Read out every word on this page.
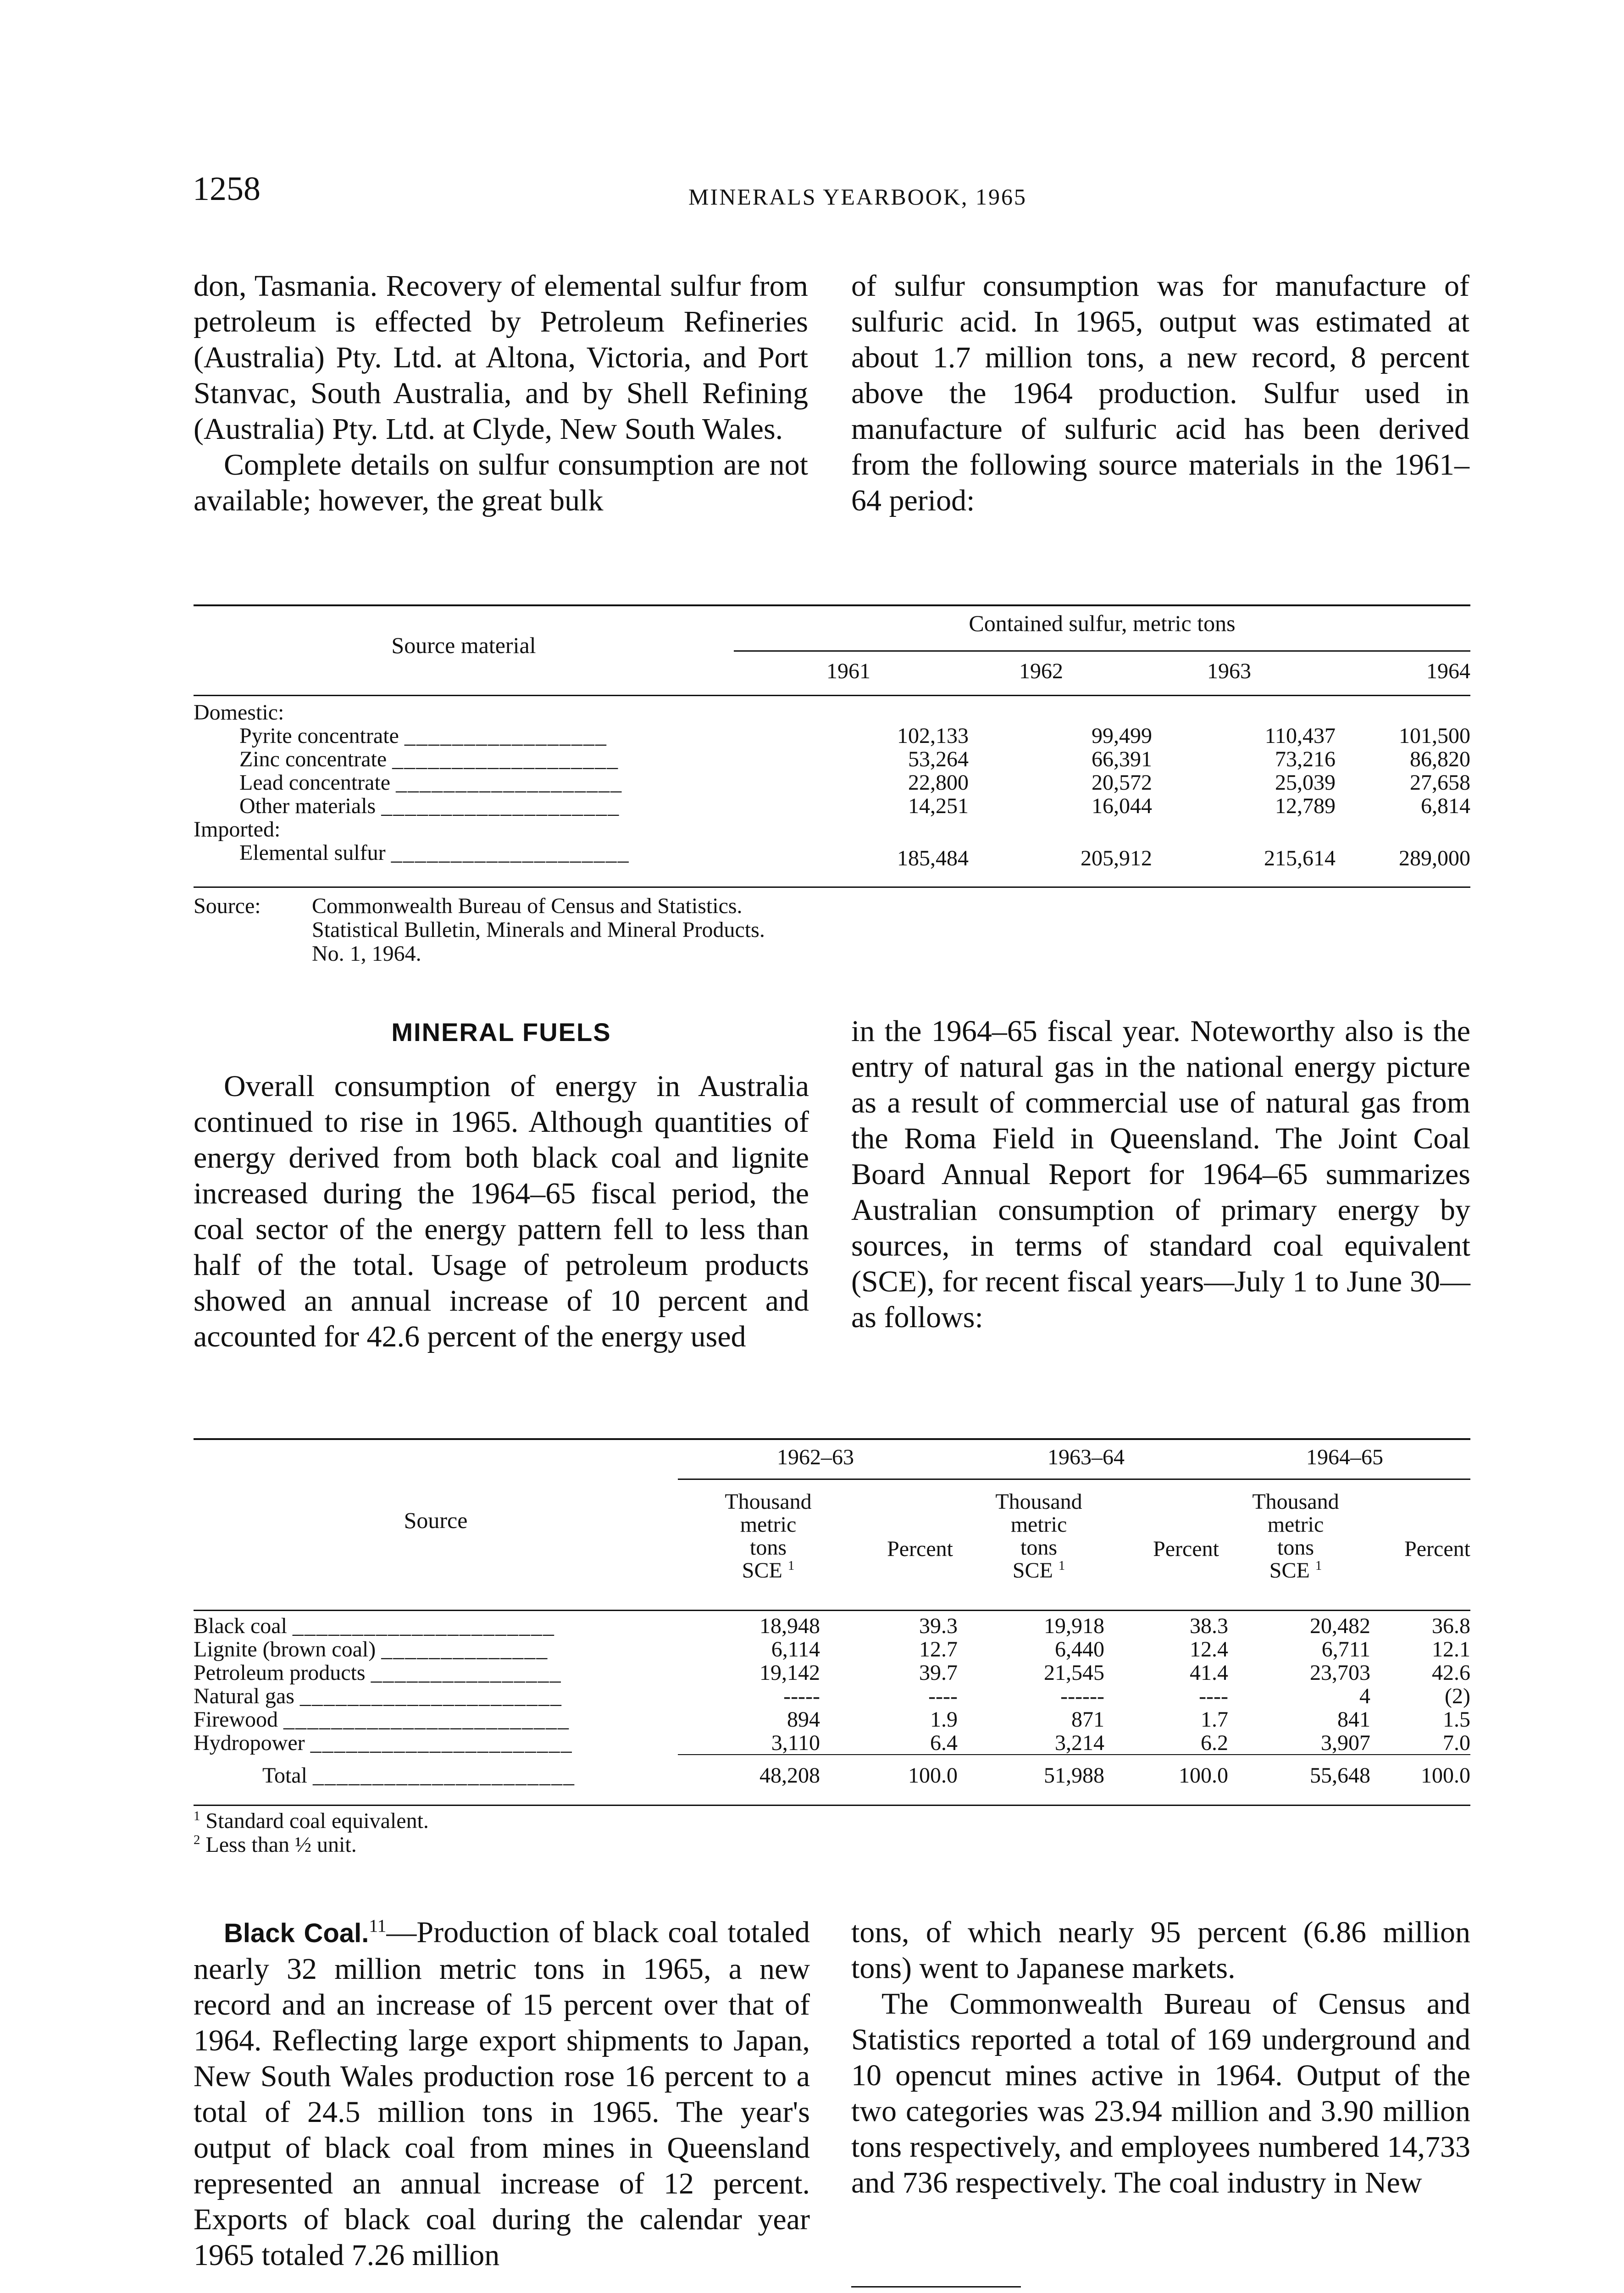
1258	MINERALS YEARBOOK, 1965

don, Tasmania. Recovery of elemental sulfur from petroleum is effected by Petroleum Refineries (Australia) Pty. Ltd. at Altona, Victoria, and Port Stanvac, South Australia, and by Shell Refining (Australia) Pty. Ltd. at Clyde, New South Wales.

Complete details on sulfur consumption are not available; however, the great bulk

of sulfur consumption was for manufacture of sulfuric acid. In 1965, output was estimated at about 1.7 million tons, a new record, 8 percent above the 1964 production. Sulfur used in manufacture of sulfuric acid has been derived from the following source materials in the 1961–64 period:

Source material
Contained sulfur, metric tons
1961	1962	1963	1964
Domestic:				
Pyrite concentrate _________________	102,133	99,499	110,437	101,500
Zinc concentrate ___________________	53,264	66,391	73,216	86,820
Lead concentrate ___________________	22,800	20,572	25,039	27,658
Other materials ____________________	14,251	16,044	12,789	6,814
Imported:				
Elemental sulfur ____________________	185,484	205,912	215,614	289,000
Source: Commonwealth Bureau of Census and Statistics.
Statistical Bulletin, Minerals and Mineral Products.
No. 1, 1964.
MINERAL FUELS

Overall consumption of energy in Australia continued to rise in 1965. Although quantities of energy derived from both black coal and lignite increased during the 1964–65 fiscal period, the coal sector of the energy pattern fell to less than half of the total. Usage of petroleum products showed an annual increase of 10 percent and accounted for 42.6 percent of the energy used

in the 1964–65 fiscal year. Noteworthy also is the entry of natural gas in the national energy picture as a result of commercial use of natural gas from the Roma Field in Queensland. The Joint Coal Board Annual Report for 1964–65 summarizes Australian consumption of primary energy by sources, in terms of standard coal equivalent (SCE), for recent fiscal years—July 1 to June 30—as follows:

Source
1962–63	1963–64	1964–65
Thousand
metric
tons
SCE $^1$
Percent
Thousand
metric
tons
SCE $^1$
Percent
Thousand
metric
tons
SCE $^1$
Percent
Black coal ______________________	18,948	39.3	19,918	38.3	20,482	36.8
Lignite (brown coal) ______________	6,114	12.7	6,440	12.4	6,711	12.1
Petroleum products ________________	19,142	39.7	21,545	41.4	23,703	42.6
Natural gas ______________________	-----	----	------	----	4	(2)
Firewood ________________________	894	1.9	871	1.7	841	1.5
Hydropower ______________________	3,110	6.4	3,214	6.2	3,907	7.0
Total ______________________	48,208	100.0	51,988	100.0	55,648	100.0
$^1$ Standard coal equivalent.
$^2$ Less than ½ unit.

Black Coal.$^{11}$—Production of black coal totaled nearly 32 million metric tons in 1965, a new record and an increase of 15 percent over that of 1964. Reflecting large export shipments to Japan, New South Wales production rose 16 percent to a total of 24.5 million tons in 1965. The year's output of black coal from mines in Queensland represented an annual increase of 12 percent. Exports of black coal during the calendar year 1965 totaled 7.26 million

tons, of which nearly 95 percent (6.86 million tons) went to Japanese markets.

The Commonwealth Bureau of Census and Statistics reported a total of 169 underground and 10 opencut mines active in 1964. Output of the two categories was 23.94 million and 3.90 million tons respectively, and employees numbered 14,733 and 736 respectively. The coal industry in New
